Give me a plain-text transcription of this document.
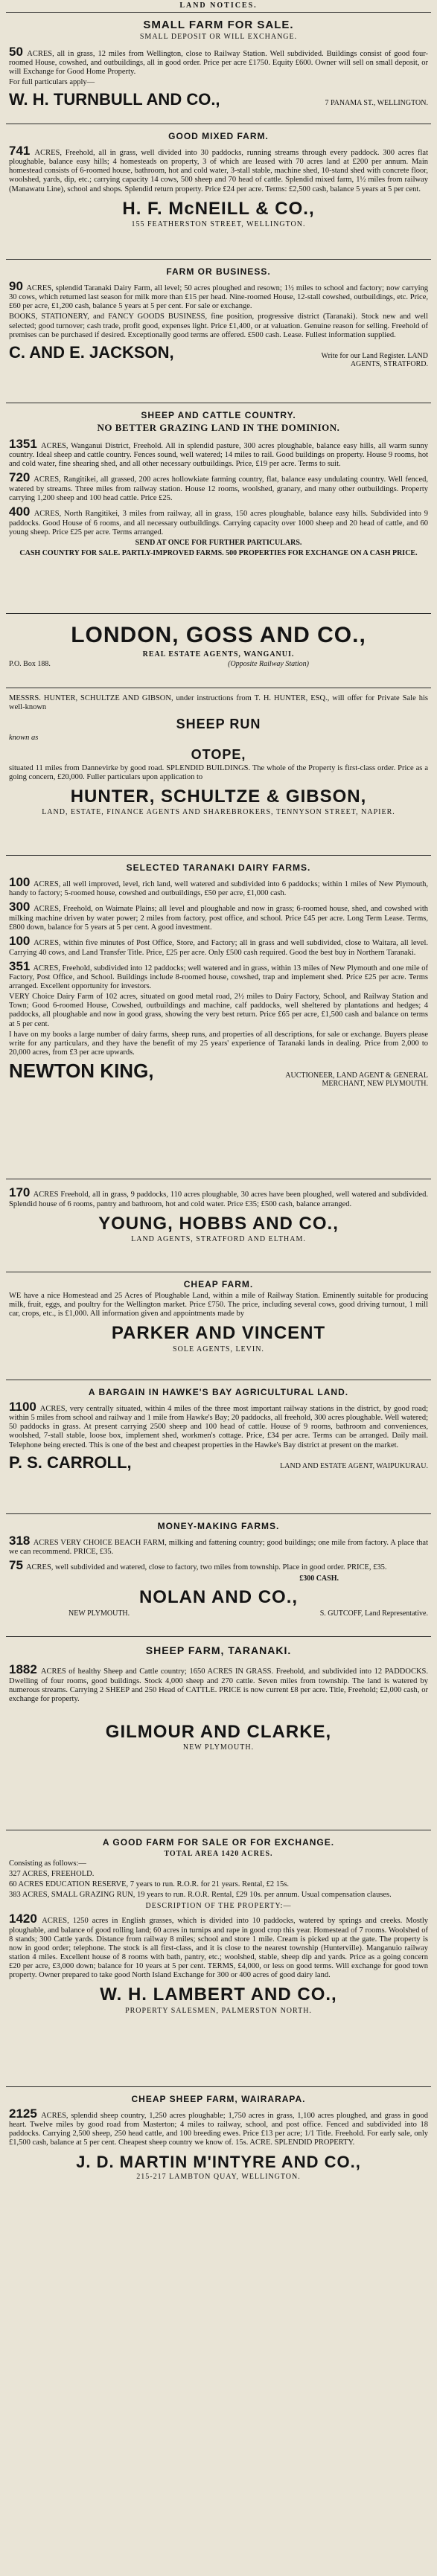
LAND NOTICES.
SMALL FARM FOR SALE.
SMALL DEPOSIT OR WILL EXCHANGE.
50 ACRES, all in grass, 12 miles from Wellington, close to Railway Station. Well subdivided. Buildings consist of good four-roomed House, cowshed, and outbuildings, all in good order. Price per acre £1750. Equity £600. Owner will sell on small deposit, or will Exchange for Good Home Property.
For full particulars apply—
W. H. TURNBULL AND CO.,	7 PANAMA ST., WELLINGTON.
GOOD MIXED FARM.
741 ACRES, Freehold, all in grass, well divided into 30 paddocks, running streams through every paddock. 300 acres flat ploughable, balance easy hills; 4 homesteads on property, 3 of which are leased with 70 acres land at £200 per annum. Main homestead consists of 6-roomed house, bathroom, hot and cold water, 3-stall stable, machine shed, 10-stand shed with concrete floor, woolshed, yards, dip, etc.; carrying capacity 14 cows, 500 sheep and 70 head of cattle. Splendid mixed farm, 1½ miles from railway (Manawatu Line), school and shops. Splendid return property. Price £24 per acre. Terms: £2,500 cash, balance 5 years at 5 per cent.
H. F. McNEILL & CO.,
155 FEATHERSTON STREET, WELLINGTON.
FARM OR BUSINESS.
90 ACRES, splendid Taranaki Dairy Farm, all level; 50 acres ploughed and resown; 1½ miles to school and factory; now carrying 30 cows, which returned last season for milk more than £15 per head. Nine-roomed House, 12-stall cowshed, outbuildings, etc. Price, £60 per acre, £1,200 cash, balance 5 years at 5 per cent. For sale or exchange.
BOOKS, STATIONERY, and FANCY GOODS BUSINESS, fine position, progressive district (Taranaki). Stock new and well selected; good turnover; cash trade, profit good, expenses light. Price £1,400, or at valuation. Genuine reason for selling. Freehold of premises can be purchased if desired. Exceptionally good terms are offered. £500 cash. Lease. Fullest information supplied.
C. AND E. JACKSON,	Write for our Land Register. LAND AGENTS, STRATFORD.
SHEEP AND CATTLE COUNTRY.
NO BETTER GRAZING LAND IN THE DOMINION.
1351 ACRES, Wanganui District, Freehold. All in splendid pasture, 300 acres ploughable, balance easy hills, all warm sunny country. Ideal sheep and cattle country. Fences sound, well watered; 14 miles to rail. Good buildings on property. House 9 rooms, hot and cold water, fine shearing shed, and all other necessary outbuildings. Price, £19 per acre. Terms to suit.
720 ACRES, Rangitikei, all grassed, 200 acres hollowkiate farming country, flat, balance easy undulating country. Well fenced, watered by streams. Three miles from railway station. House 12 rooms, woolshed, granary, and many other outbuildings. Property carrying 1,200 sheep and 100 head cattle. Price £25.
400 ACRES, North Rangitikei, 3 miles from railway, all in grass, 150 acres ploughable, balance easy hills. Subdivided into 9 paddocks. Good House of 6 rooms, and all necessary outbuildings. Carrying capacity over 1000 sheep and 20 head of cattle, and 60 young sheep. Price £25 per acre. Terms arranged.
SEND AT ONCE FOR FURTHER PARTICULARS.
CASH COUNTRY FOR SALE. PARTLY-IMPROVED FARMS. 500 PROPERTIES FOR EXCHANGE ON A CASH PRICE.
LONDON, GOSS AND CO.,
REAL ESTATE AGENTS, WANGANUI.
P.O. Box 188.	(Opposite Railway Station)
MESSRS. HUNTER, SCHULTZE AND GIBSON, under instructions from T. H. HUNTER, ESQ., will offer for Private Sale his well-known
SHEEP RUN
known as
OTOPE,
situated 11 miles from Dannevirke by good road. SPLENDID BUILDINGS. The whole of the Property is first-class order. Price as a going concern, £20,000. Fuller particulars upon application to
HUNTER, SCHULTZE & GIBSON,
LAND, ESTATE, FINANCE AGENTS AND SHAREBROKERS, TENNYSON STREET, NAPIER.
SELECTED TARANAKI DAIRY FARMS.
100 ACRES, all well improved, level, rich land, well watered and subdivided into 6 paddocks; within 1 miles of New Plymouth, handy to factory; 5-roomed house, cowshed and outbuildings, £50 per acre, £1,000 cash.
300 ACRES, Freehold, on Waimate Plains; all level and ploughable and now in grass; 6-roomed house, shed, and cowshed with milking machine driven by water power; 2 miles from factory, post office, and school. Price £45 per acre. Long Term Lease. Terms, £800 down, balance for 5 years at 5 per cent. A good investment.
100 ACRES, within five minutes of Post Office, Store, and Factory; all in grass and well subdivided, close to Waitara, all level. Carrying 40 cows, and Land Transfer Title. Price, £25 per acre. Only £500 cash required. Good the best buy in Northern Taranaki.
351 ACRES, Freehold, subdivided into 12 paddocks; well watered and in grass, within 13 miles of New Plymouth and one mile of Factory, Post Office, and School. Buildings include 8-roomed house, cowshed, trap and implement shed. Price £25 per acre. Terms arranged. Excellent opportunity for investors.
VERY Choice Dairy Farm of 102 acres, situated on good metal road, 2½ miles to Dairy Factory, School, and Railway Station and Town; Good 6-roomed House, Cowshed, outbuildings and machine, calf paddocks, well sheltered by plantations and hedges; 4 paddocks, all ploughable and now in good grass, showing the very best return. Price £65 per acre, £1,500 cash and balance on terms at 5 per cent.
I have on my books a large number of dairy farms, sheep runs, and properties of all descriptions, for sale or exchange. Buyers please write for any particulars, and they have the benefit of my 25 years' experience of Taranaki lands in dealing. Price from 2,000 to 20,000 acres, from £3 per acre upwards.
NEWTON KING,	AUCTIONEER, LAND AGENT & GENERAL MERCHANT, NEW PLYMOUTH.
170 ACRES Freehold, all in grass, 9 paddocks, 110 acres ploughable, 30 acres have been ploughed, well watered and subdivided. Splendid house of 6 rooms, pantry and bathroom, hot and cold water. Price £35; £500 cash, balance arranged.
YOUNG, HOBBS AND CO.,
LAND AGENTS, STRATFORD AND ELTHAM.
CHEAP FARM.
WE have a nice Homestead and 25 Acres of Ploughable Land, within a mile of Railway Station. Eminently suitable for producing milk, fruit, eggs, and poultry for the Wellington market. Price £750. The price, including several cows, good driving turnout, 1 mill car, crops, etc., is £1,000. All information given and appointments made by
PARKER AND VINCENT
SOLE AGENTS, LEVIN.
A BARGAIN IN HAWKE'S BAY AGRICULTURAL LAND.
1100 ACRES, very centrally situated, within 4 miles of the three most important railway stations in the district, by good road; within 5 miles from school and railway and 1 mile from Hawke's Bay; 20 paddocks, all freehold, 300 acres ploughable. Well watered; 50 paddocks in grass. At present carrying 2500 sheep and 100 head of cattle. House of 9 rooms, bathroom and conveniences, woolshed, 7-stall stable, loose box, implement shed, workmen's cottage. Price, £34 per acre. Terms can be arranged. Daily mail. Telephone being erected. This is one of the best and cheapest properties in the Hawke's Bay district at present on the market.
P. S. CARROLL,	LAND AND ESTATE AGENT, WAIPUKURAU.
MONEY-MAKING FARMS.
318 ACRES VERY CHOICE BEACH FARM, milking and fattening country; good buildings; one mile from factory. A place that we can recommend. PRICE, £35.
75 ACRES, well subdivided and watered, close to factory, two miles from township. Place in good order. PRICE, £35.
£300 CASH.
NOLAN AND CO.,
NEW PLYMOUTH.	S. GUTCOFF, Land Representative.
SHEEP FARM, TARANAKI.
1882 ACRES of healthy Sheep and Cattle country; 1650 ACRES IN GRASS. Freehold, and subdivided into 12 PADDOCKS. Dwelling of four rooms, good buildings. Stock 4,000 sheep and 270 cattle. Seven miles from township. The land is watered by numerous streams. Carrying 2 SHEEP and 250 Head of CATTLE. PRICE is now current £8 per acre. Title, Freehold; £2,000 cash, or exchange for property.
GILMOUR AND CLARKE,
NEW PLYMOUTH.
A GOOD FARM FOR SALE OR FOR EXCHANGE.
TOTAL AREA 1420 ACRES.
Consisting as follows:—
327 ACRES, FREEHOLD.
60 ACRES EDUCATION RESERVE, 7 years to run. R.O.R. for 21 years. Rental, £2 15s.
383 ACRES, SMALL GRAZING RUN, 19 years to run. R.O.R. Rental, £29 10s. per annum. Usual compensation clauses.
DESCRIPTION OF THE PROPERTY:—
1420 ACRES, 1250 acres in English grasses, which is divided into 10 paddocks, watered by springs and creeks. Mostly ploughable, and balance of good rolling land; 60 acres in turnips and rape in good crop this year. Homestead of 7 rooms. Woolshed of 8 stands; 300 Cattle yards. Distance from railway 8 miles; school and store 1 mile. Cream is picked up at the gate. The property is now in good order; telephone. The stock is all first-class, and it is close to the nearest township (Hunterville). Manganuio railway station 4 miles. Excellent house of 8 rooms with bath, pantry, etc.; woolshed, stable, sheep dip and yards. Price as a going concern £20 per acre, £3,000 down; balance for 10 years at 5 per cent. TERMS, £4,000, or less on good terms. Will exchange for good town property. Owner prepared to take good North Island Exchange for 300 or 400 acres of good dairy land.
W. H. LAMBERT AND CO.,
PROPERTY SALESMEN, PALMERSTON NORTH.
CHEAP SHEEP FARM, WAIRARAPA.
2125 ACRES, splendid sheep country, 1,250 acres ploughable; 1,750 acres in grass, 1,100 acres ploughed, and grass in good heart. Twelve miles by good road from Masterton; 4 miles to railway, school, and post office. Fenced and subdivided into 18 paddocks. Carrying 2,500 sheep, 250 head cattle, and 100 breeding ewes. Price £13 per acre; 1/1 Title. Freehold. For early sale, only £1,500 cash, balance at 5 per cent. Cheapest sheep country we know of. 15s. ACRE. SPLENDID PROPERTY.
J. D. MARTIN M'INTYRE AND CO.,
215-217 LAMBTON QUAY, WELLINGTON.
